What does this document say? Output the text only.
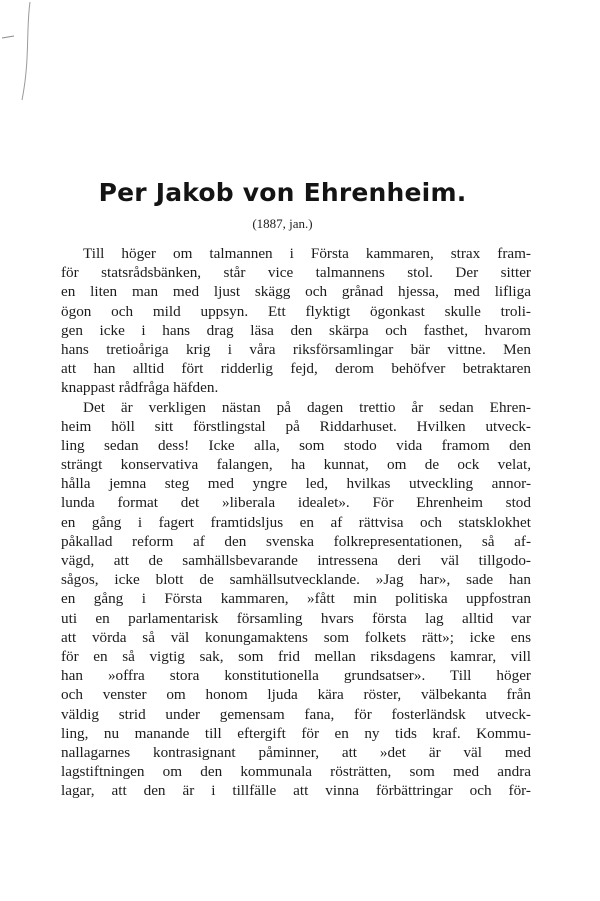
Per Jakob von Ehrenheim.
(1887, jan.)
Till höger om talmannen i Första kammaren, strax fram-
för statsrådsbänken, står vice talmannens stol. Der sitter
en liten man med ljust skägg och grånad hjessa, med lifliga
ögon och mild uppsyn. Ett flyktigt ögonkast skulle troli-
gen icke i hans drag läsa den skärpa och fasthet, hvarom
hans tretioåriga krig i våra riksförsamlingar bär vittne. Men
att han alltid fört ridderlig fejd, derom behöfver betraktaren
knappast rådfråga häfden.
Det är verkligen nästan på dagen trettio år sedan Ehren-
heim höll sitt förstlingstal på Riddarhuset. Hvilken utveck-
ling sedan dess! Icke alla, som stodo vida framom den
strängt konservativa falangen, ha kunnat, om de ock velat,
hålla jemna steg med yngre led, hvilkas utveckling annor-
lunda format det »liberala idealet». För Ehrenheim stod
en gång i fagert framtidsljus en af rättvisa och statsklokhet
påkallad reform af den svenska folkrepresentationen, så af-
vägd, att de samhällsbevarande intressena deri väl tillgodo-
sågos, icke blott de samhällsutvecklande. »Jag har», sade han
en gång i Första kammaren, »fått min politiska uppfostran
uti en parlamentarisk församling hvars första lag alltid var
att vörda så väl konungamaktens som folkets rätt»; icke ens
för en så vigtig sak, som frid mellan riksdagens kamrar, vill
han »offra stora konstitutionella grundsatser». Till höger
och venster om honom ljuda kära röster, välbekanta från
väldig strid under gemensam fana, för fosterländsk utveck-
ling, nu manande till eftergift för en ny tids kraf. Kommu-
nallagarnes kontrasignant påminner, att »det är väl med
lagstiftningen om den kommunala rösträtten, som med andra
lagar, att den är i tillfälle att vinna förbättringar och för-
